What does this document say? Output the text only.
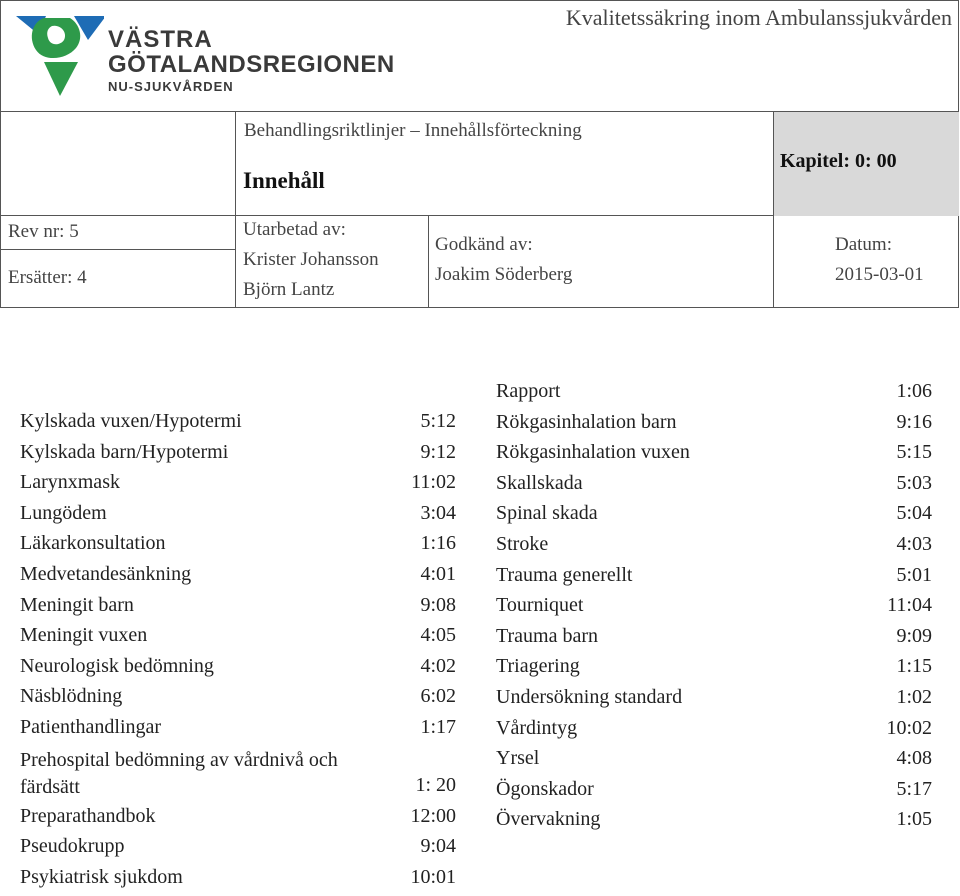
VÄSTRA
GÖTALANDSREGIONEN
NU-SJUKVÅRDEN
Kvalitetssäkring inom Ambulanssjukvården
Behandlingsriktlinjer – Innehållsförteckning
Innehåll
Kapitel: 0: 00
Rev nr: 5
Ersätter: 4
Utarbetad av:
Krister Johansson
Björn Lantz
Godkänd av:
Joakim Söderberg
Datum:
2015-03-01
Kylskada vuxen/Hypotermi	5:12
Kylskada barn/Hypotermi	9:12
Larynxmask	11:02
Lungödem	3:04
Läkarkonsultation	1:16
Medvetandesänkning	4:01
Meningit barn	9:08
Meningit vuxen	4:05
Neurologisk bedömning	4:02
Näsblödning	6:02
Patienthandlingar	1:17
Prehospital bedömning av vårdnivå och färdsätt	1: 20
Preparathandbok	12:00
Pseudokrupp	9:04
Psykiatrisk sjukdom	10:01
Rapport	1:06
Rökgasinhalation barn	9:16
Rökgasinhalation vuxen	5:15
Skallskada	5:03
Spinal skada	5:04
Stroke	4:03
Trauma generellt	5:01
Tourniquet	11:04
Trauma barn	9:09
Triagering	1:15
Undersökning standard	1:02
Vårdintyg	10:02
Yrsel	4:08
Ögonskador	5:17
Övervakning	1:05
